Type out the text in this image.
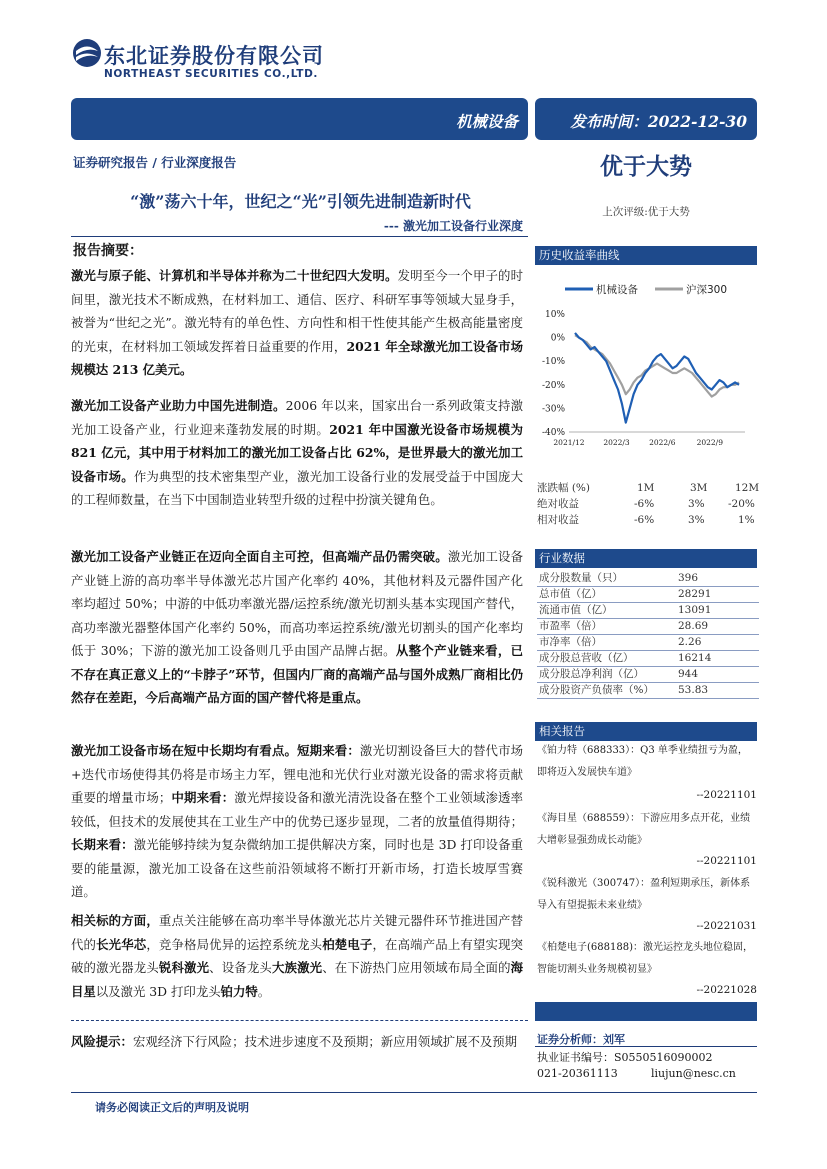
东北证券股份有限公司
NORTHEAST SECURITIES CO.,LTD.
机械设备	发布时间：2022-12-30
证券研究报告 / 行业深度报告	优于大势
上次评级:优于大势
“激”荡六十年，世纪之“光”引领先进制造新时代
--- 激光加工设备行业深度
报告摘要：
激光与原子能、计算机和半导体并称为二十世纪四大发明。发明至今一个甲子的时间里，激光技术不断成熟，在材料加工、通信、医疗、科研军事等领域大显身手，被誉为“世纪之光”。激光特有的单色性、方向性和相干性使其能产生极高能量密度的光束，在材料加工领域发挥着日益重要的作用，2021 年全球激光加工设备市场规模达 213 亿美元。
激光加工设备产业助力中国先进制造。2006 年以来，国家出台一系列政策支持激光加工设备产业，行业迎来蓬勃发展的时期。2021 年中国激光设备市场规模为 821 亿元，其中用于材料加工的激光加工设备占比 62%，是世界最大的激光加工设备市场。作为典型的技术密集型产业，激光加工设备行业的发展受益于中国庞大的工程师数量，在当下中国制造业转型升级的过程中扮演关键角色。
激光加工设备产业链正在迈向全面自主可控，但高端产品仍需突破。激光加工设备产业链上游的高功率半导体激光芯片国产化率约 40%，其他材料及元器件国产化率均超过 50%；中游的中低功率激光器/运控系统/激光切割头基本实现国产替代，高功率激光器整体国产化率约 50%，而高功率运控系统/激光切割头的国产化率均低于 30%；下游的激光加工设备则几乎由国产品牌占据。从整个产业链来看，已不存在真正意义上的“卡脖子”环节，但国内厂商的高端产品与国外成熟厂商相比仍然存在差距，今后高端产品方面的国产替代将是重点。
激光加工设备市场在短中长期均有看点。短期来看：激光切割设备巨大的替代市场+迭代市场使得其仍将是市场主力军，锂电池和光伏行业对激光设备的需求将贡献重要的增量市场；中期来看：激光焊接设备和激光清洗设备在整个工业领域渗透率较低，但技术的发展使其在工业生产中的优势已逐步显现，二者的放量值得期待；长期来看：激光能够持续为复杂微纳加工提供解决方案，同时也是 3D 打印设备重要的能量源，激光加工设备在这些前沿领域将不断打开新市场，打造长坡厚雪赛道。
相关标的方面，重点关注能够在高功率半导体激光芯片关键元器件环节推进国产替代的长光华芯，竞争格局优异的运控系统龙头柏楚电子，在高端产品上有望实现突破的激光器龙头锐科激光、设备龙头大族激光、在下游热门应用领域布局全面的海目星以及激光 3D 打印龙头铂力特。
风险提示：宏观经济下行风险；技术进步速度不及预期；新应用领域扩展不及预期
历史收益率曲线
机械设备	沪深300
10%
0%
-10%
-20%
-30%
-40%
2021/12 2022/3	2022/6	2022/9
涨跌幅 (%)	1M	3M	12M
绝对收益	-6%	3% -20%
相对收益	-6%	3%	1%
行业数据
成分股数量（只）	396
总市值（亿）	28291
流通市值（亿）	13091
市盈率（倍）	28.69
市净率（倍）	2.26
成分股总营收（亿）	16214
成分股总净利润（亿）	944
成分股资产负债率（%） 53.83
相关报告
《铂力特（688333）：Q3 单季业绩扭亏为盈，即将迈入发展快车道》
--20221101
《海目星（688559）：下游应用多点开花，业绩大增彰显强劲成长动能》
--20221101
《锐科激光（300747）：盈利短期承压，新体系导入有望提振未来业绩》
--20221031
《柏楚电子(688188)：激光运控龙头地位稳固，智能切割头业务规模初显》
--20221028
证券分析师：刘军
执业证书编号：S0550516090002
021-20361113	liujun@nesc.cn
请务必阅读正文后的声明及说明
